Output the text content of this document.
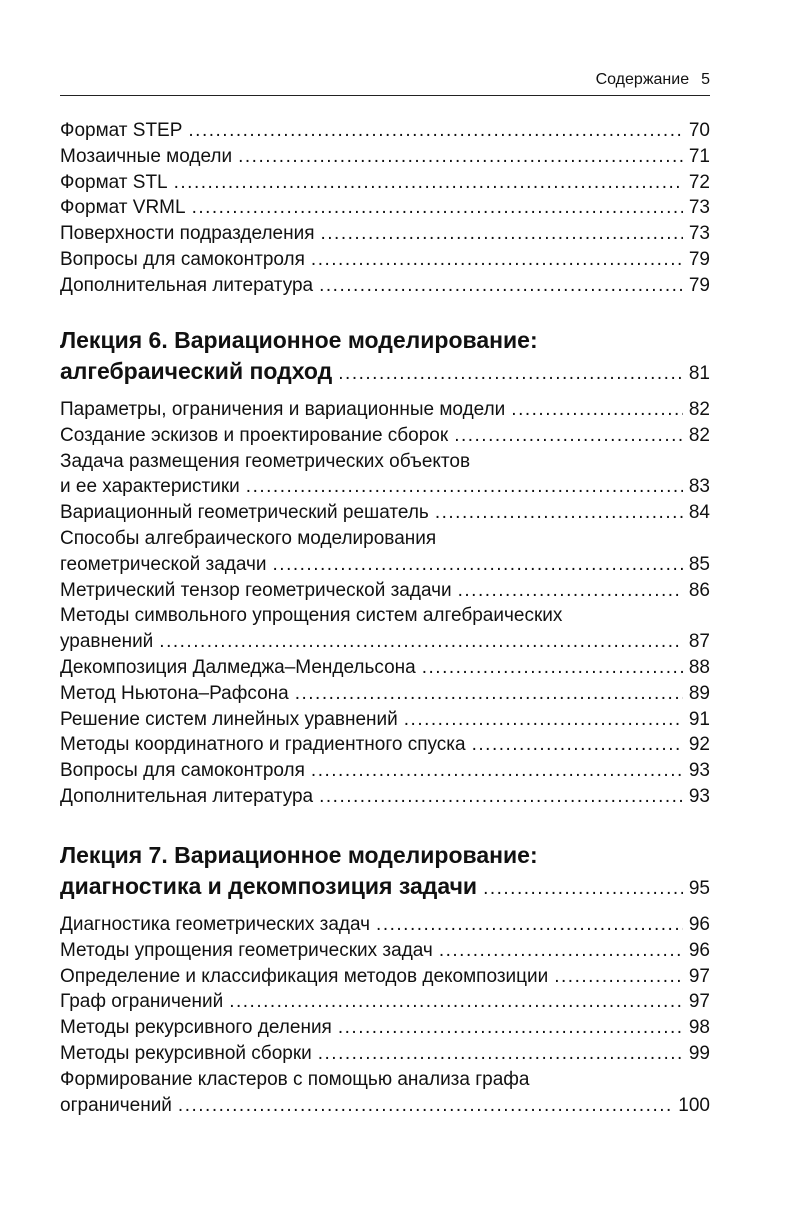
Содержание 5
Формат STEP .....	70
Мозаичные модели .....	71
Формат STL .....	72
Формат VRML .....	73
Поверхности подразделения .....	73
Вопросы для самоконтроля .....	79
Дополнительная литература .....	79
Лекция 6. Вариационное моделирование:
алгебраический подход .....	81
Параметры, ограничения и вариационные модели .....	82
Создание эскизов и проектирование сборок .....	82
Задача размещения геометрических объектов
и ее характеристики .....	83
Вариационный геометрический решатель .....	84
Способы алгебраического моделирования
геометрической задачи .....	85
Метрический тензор геометрической задачи .....	86
Методы символьного упрощения систем алгебраических
уравнений .....	87
Декомпозиция Далмеджа–Мендельсона .....	88
Метод Ньютона–Рафсона .....	89
Решение систем линейных уравнений .....	91
Методы координатного и градиентного спуска .....	92
Вопросы для самоконтроля .....	93
Дополнительная литература .....	93
Лекция 7. Вариационное моделирование:
диагностика и декомпозиция задачи .....	95
Диагностика геометрических задач .....	96
Методы упрощения геометрических задач .....	96
Определение и классификация методов декомпозиции .....	97
Граф ограничений .....	97
Методы рекурсивного деления .....	98
Методы рекурсивной сборки .....	99
Формирование кластеров с помощью анализа графа
ограничений .....	100
